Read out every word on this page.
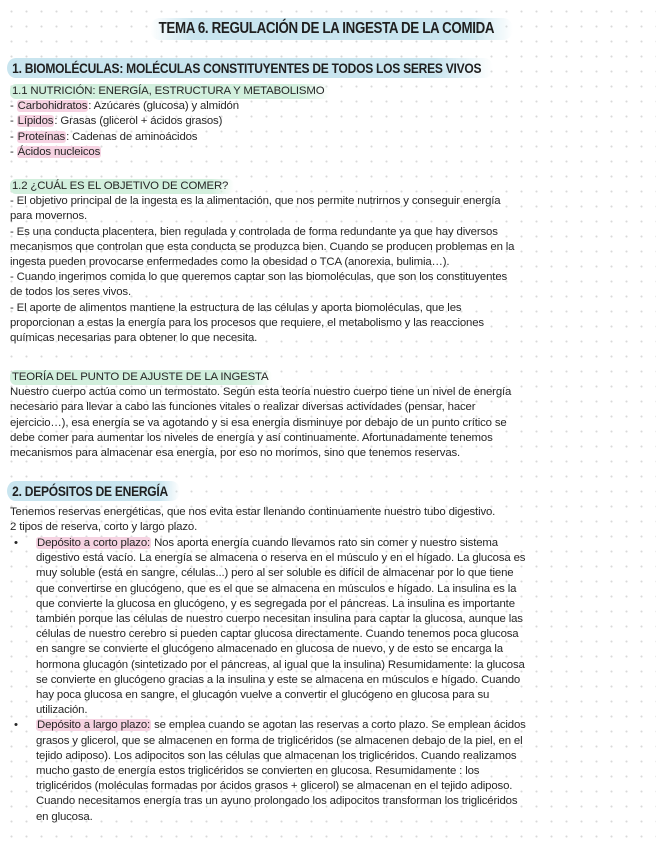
TEMA 6. REGULACIÓN DE LA INGESTA DE LA COMIDA
1. BIOMOLÉCULAS: MOLÉCULAS CONSTITUYENTES DE TODOS LOS SERES VIVOS
1.1 NUTRICIÓN: ENERGÍA, ESTRUCTURA Y METABOLISMO
- Carbohidratos: Azúcares (glucosa) y almidón
- Lípidos: Grasas (glicerol + ácidos grasos)
- Proteínas: Cadenas de aminoácidos
- Ácidos nucleicos
1.2 ¿CUÁL ES EL OBJETIVO DE COMER?
- El objetivo principal de la ingesta es la alimentación, que nos permite nutrirnos y conseguir energía
para movernos.
- Es una conducta placentera, bien regulada y controlada de forma redundante ya que hay diversos
mecanismos que controlan que esta conducta se produzca bien. Cuando se producen problemas en la
ingesta pueden provocarse enfermedades como la obesidad o TCA (anorexia, bulimia…).
- Cuando ingerimos comida lo que queremos captar son las biomoléculas, que son los constituyentes
de todos los seres vivos.
- El aporte de alimentos mantiene la estructura de las células y aporta biomoléculas, que les
proporcionan a estas la energía para los procesos que requiere, el metabolismo y las reacciones
químicas necesarias para obtener lo que necesita.
TEORÍA DEL PUNTO DE AJUSTE DE LA INGESTA
Nuestro cuerpo actúa como un termostato. Según esta teoría nuestro cuerpo tiene un nivel de energía
necesario para llevar a cabo las funciones vitales o realizar diversas actividades (pensar, hacer
ejercicio…), esa energía se va agotando y si esa energía disminuye por debajo de un punto crítico se
debe comer para aumentar los niveles de energía y así continuamente. Afortunadamente tenemos
mecanismos para almacenar esa energía, por eso no morimos, sino que tenemos reservas.
2. DEPÓSITOS DE ENERGÍA
Tenemos reservas energéticas, que nos evita estar llenando continuamente nuestro tubo digestivo.
2 tipos de reserva, corto y largo plazo.
• Depósito a corto plazo: Nos aporta energía cuando llevamos rato sin comer y nuestro sistema
digestivo está vacío. La energía se almacena o reserva en el músculo y en el hígado. La glucosa es
muy soluble (está en sangre, células...) pero al ser soluble es difícil de almacenar por lo que tiene
que convertirse en glucógeno, que es el que se almacena en músculos e hígado. La insulina es la
que convierte la glucosa en glucógeno, y es segregada por el páncreas. La insulina es importante
también porque las células de nuestro cuerpo necesitan insulina para captar la glucosa, aunque las
células de nuestro cerebro si pueden captar glucosa directamente. Cuando tenemos poca glucosa
en sangre se convierte el glucógeno almacenado en glucosa de nuevo, y de esto se encarga la
hormona glucagón (sintetizado por el páncreas, al igual que la insulina) Resumidamente: la glucosa
se convierte en glucógeno gracias a la insulina y este se almacena en músculos e hígado. Cuando
hay poca glucosa en sangre, el glucagón vuelve a convertir el glucógeno en glucosa para su
utilización.
• Depósito a largo plazo: se emplea cuando se agotan las reservas a corto plazo. Se emplean ácidos
grasos y glicerol, que se almacenen en forma de triglicéridos (se almacenen debajo de la piel, en el
tejido adiposo). Los adipocitos son las células que almacenan los triglicéridos. Cuando realizamos
mucho gasto de energía estos triglicéridos se convierten en glucosa. Resumidamente : los
triglicéridos (moléculas formadas por ácidos grasos + glicerol) se almacenan en el tejido adiposo.
Cuando necesitamos energía tras un ayuno prolongado los adipocitos transforman los triglicéridos
en glucosa.
